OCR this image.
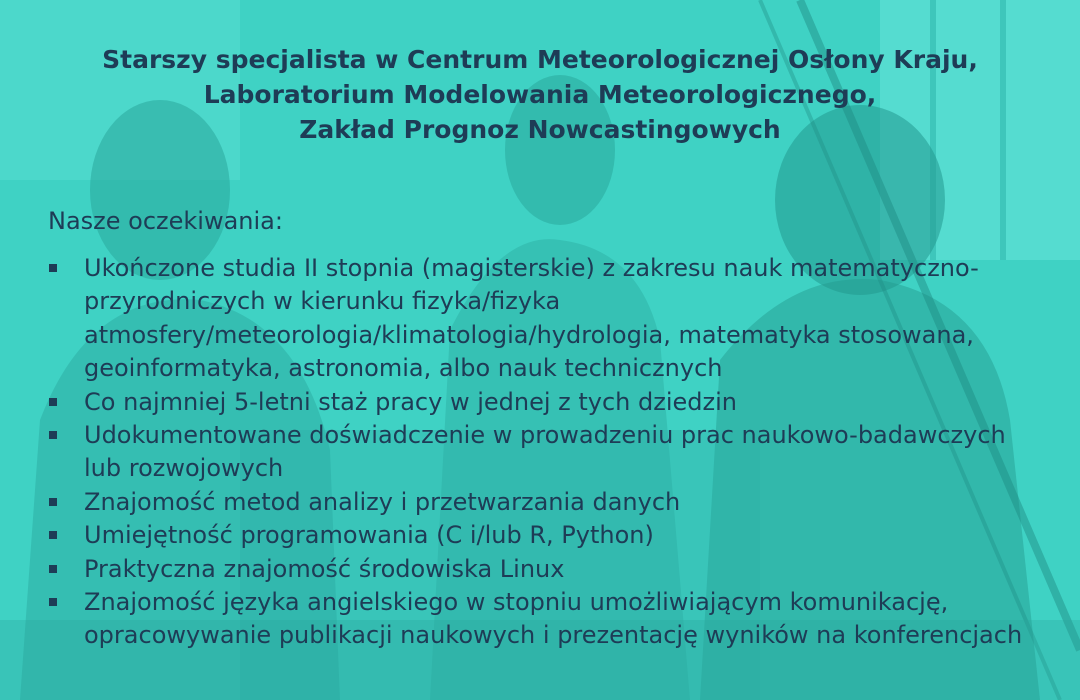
Starszy specjalista w Centrum Meteorologicznej Osłony Kraju,
Laboratorium Modelowania Meteorologicznego,
Zakład Prognoz Nowcastingowych
Nasze oczekiwania:
Ukończone studia II stopnia (magisterskie) z zakresu nauk matematyczno-przyrodniczych w kierunku fizyka/fizyka atmosfery/meteorologia/klimatologia/hydrologia, matematyka stosowana, geoinformatyka, astronomia, albo nauk technicznych
Co najmniej 5-letni staż pracy w jednej z tych dziedzin
Udokumentowane doświadczenie w prowadzeniu prac naukowo-badawczych lub rozwojowych
Znajomość metod analizy i przetwarzania danych
Umiejętność programowania (C i/lub R, Python)
Praktyczna znajomość środowiska Linux
Znajomość języka angielskiego w stopniu umożliwiającym komunikację, opracowywanie publikacji naukowych i prezentację wyników na konferencjach
